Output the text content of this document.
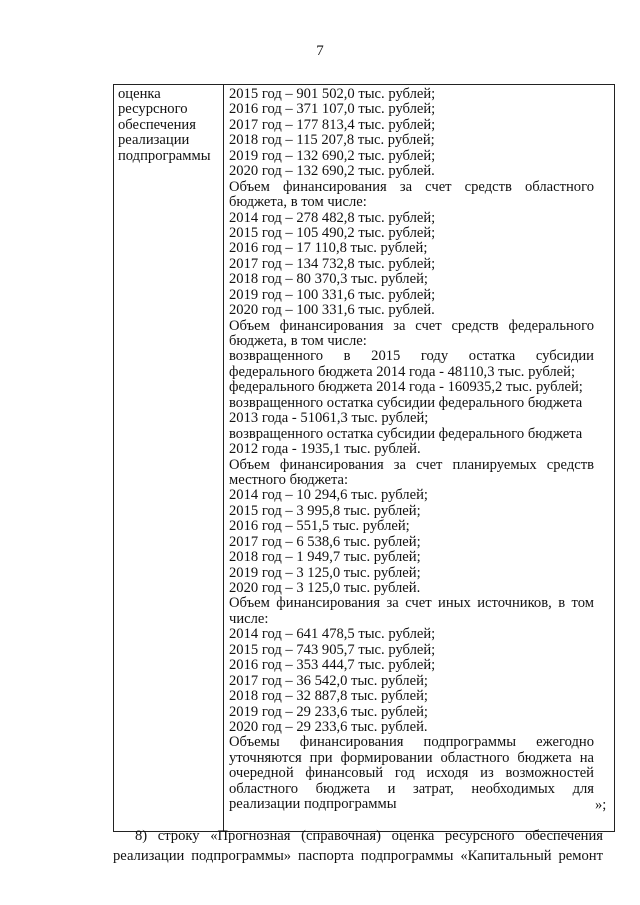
7
оценка
ресурсного
обеспечения
реализации
подпрограммы

2015 год – 901 502,0 тыс. рублей;
2016 год – 371 107,0 тыс. рублей;
2017 год – 177 813,4 тыс. рублей;
2018 год – 115 207,8 тыс. рублей;
2019 год – 132 690,2 тыс. рублей;
2020 год – 132 690,2 тыс. рублей.
Объем финансирования за счет средств областного
бюджета, в том числе:
2014 год – 278 482,8 тыс. рублей;
2015 год – 105 490,2 тыс. рублей;
2016 год – 17 110,8 тыс. рублей;
2017 год – 134 732,8 тыс. рублей;
2018 год – 80 370,3 тыс. рублей;
2019 год – 100 331,6 тыс. рублей;
2020 год – 100 331,6 тыс. рублей.
Объем финансирования за счет средств федерального
бюджета, в том числе:
возвращенного в 2015 году остатка субсидии
федерального бюджета 2014 года - 48110,3 тыс. рублей;
федерального бюджета 2014 года - 160935,2 тыс. рублей;
возвращенного остатка субсидии федерального бюджета
2013 года - 51061,3 тыс. рублей;
возвращенного остатка субсидии федерального бюджета
2012 года - 1935,1 тыс. рублей.
Объем финансирования за счет планируемых средств
местного бюджета:
2014 год – 10 294,6 тыс. рублей;
2015 год – 3 995,8 тыс. рублей;
2016 год – 551,5 тыс. рублей;
2017 год – 6 538,6 тыс. рублей;
2018 год – 1 949,7 тыс. рублей;
2019 год – 3 125,0 тыс. рублей;
2020 год – 3 125,0 тыс. рублей.
Объем финансирования за счет иных источников, в том
числе:
2014 год – 641 478,5 тыс. рублей;
2015 год – 743 905,7 тыс. рублей;
2016 год – 353 444,7 тыс. рублей;
2017 год – 36 542,0 тыс. рублей;
2018 год – 32 887,8 тыс. рублей;
2019 год – 29 233,6 тыс. рублей;
2020 год – 29 233,6 тыс. рублей.
Объемы финансирования подпрограммы ежегодно
уточняются при формировании областного бюджета на
очередной финансовый год исходя из возможностей
областного бюджета и затрат, необходимых для
реализации подпрограммы	»;
8) строку «Прогнозная (справочная) оценка ресурсного обеспечения
реализации подпрограммы» паспорта подпрограммы «Капитальный ремонт
